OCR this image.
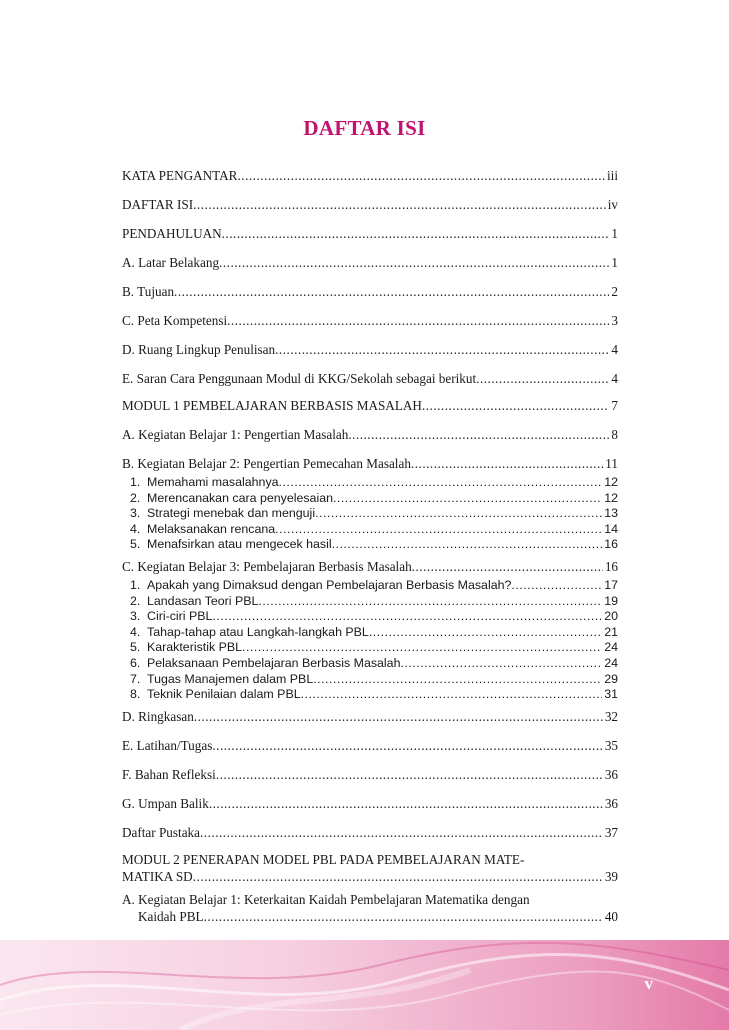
DAFTAR ISI
KATA PENGANTAR .....	iii
DAFTAR ISI .....	iv
PENDAHULUAN .....	1
A. Latar Belakang .....	1
B. Tujuan .....	2
C. Peta Kompetensi .....	3
D. Ruang Lingkup Penulisan .....	4
E. Saran Cara Penggunaan Modul di KKG/Sekolah sebagai berikut .....	4
MODUL 1 PEMBELAJARAN BERBASIS MASALAH .....	7
A. Kegiatan Belajar 1: Pengertian Masalah .....	8
B. Kegiatan Belajar 2: Pengertian Pemecahan Masalah .....	11
1. Memahami masalahnya .....	12
2. Merencanakan cara penyelesaian .....	12
3. Strategi menebak dan menguji .....	13
4. Melaksanakan rencana .....	14
5. Menafsirkan atau mengecek hasil .....	16
C. Kegiatan Belajar 3: Pembelajaran Berbasis Masalah .....	16
1. Apakah yang Dimaksud dengan Pembelajaran Berbasis Masalah? .....	17
2. Landasan Teori PBL .....	19
3. Ciri-ciri PBL .....	20
4. Tahap-tahap atau Langkah-langkah PBL .....	21
5. Karakteristik PBL .....	24
6. Pelaksanaan Pembelajaran Berbasis Masalah .....	24
7. Tugas Manajemen dalam PBL .....	29
8. Teknik Penilaian dalam PBL .....	31
D. Ringkasan .....	32
E. Latihan/Tugas .....	35
F. Bahan Refleksi .....	36
G. Umpan Balik .....	36
Daftar Pustaka .....	37
MODUL 2 PENERAPAN MODEL PBL PADA PEMBELAJARAN MATE-
MATIKA SD .....	39
A. Kegiatan Belajar 1: Keterkaitan Kaidah Pembelajaran Matematika dengan
Kaidah PBL .....	40
v
